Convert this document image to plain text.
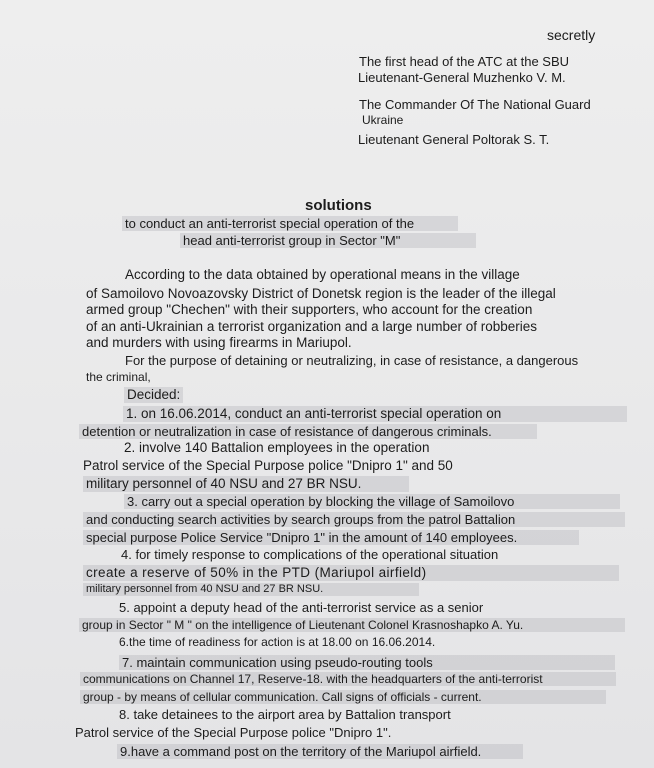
secretly
The first head of the ATC at the SBU
Lieutenant-General Muzhenko V. M.
The Commander Of The National Guard
Ukraine
Lieutenant General Poltorak S. T.
solutions
to conduct an anti-terrorist special operation of the
head anti-terrorist group in Sector "M"
According to the data obtained by operational means in the village
of Samoilovo Novoazovsky District of Donetsk region is the leader of the illegal
armed group "Chechen" with their supporters, who account for the creation
of an anti-Ukrainian a terrorist organization and a large number of robberies
and murders with using firearms in Mariupol.
For the purpose of detaining or neutralizing, in case of resistance, a dangerous
the criminal,
Decided:
1. on 16.06.2014, conduct an anti-terrorist special operation on
detention or neutralization in case of resistance of dangerous criminals.
2. involve 140 Battalion employees in the operation
Patrol service of the Special Purpose police "Dnipro 1" and 50
military personnel of 40 NSU and 27 BR NSU.
3. carry out a special operation by blocking the village of Samoilovo
and conducting search activities by search groups from the patrol Battalion
special purpose Police Service "Dnipro 1" in the amount of 140 employees.
4. for timely response to complications of the operational situation
create a reserve of 50% in the PTD (Mariupol airfield)
military personnel from 40 NSU and 27 BR NSU.
5. appoint a deputy head of the anti-terrorist service as a senior
group in Sector " M " on the intelligence of Lieutenant Colonel Krasnoshapko A. Yu.
6.the time of readiness for action is at 18.00 on 16.06.2014.
7. maintain communication using pseudo-routing tools
communications on Channel 17, Reserve-18. with the headquarters of the anti-terrorist
group - by means of cellular communication. Call signs of officials - current.
8. take detainees to the airport area by Battalion transport
Patrol service of the Special Purpose police "Dnipro 1".
9.have a command post on the territory of the Mariupol airfield.
